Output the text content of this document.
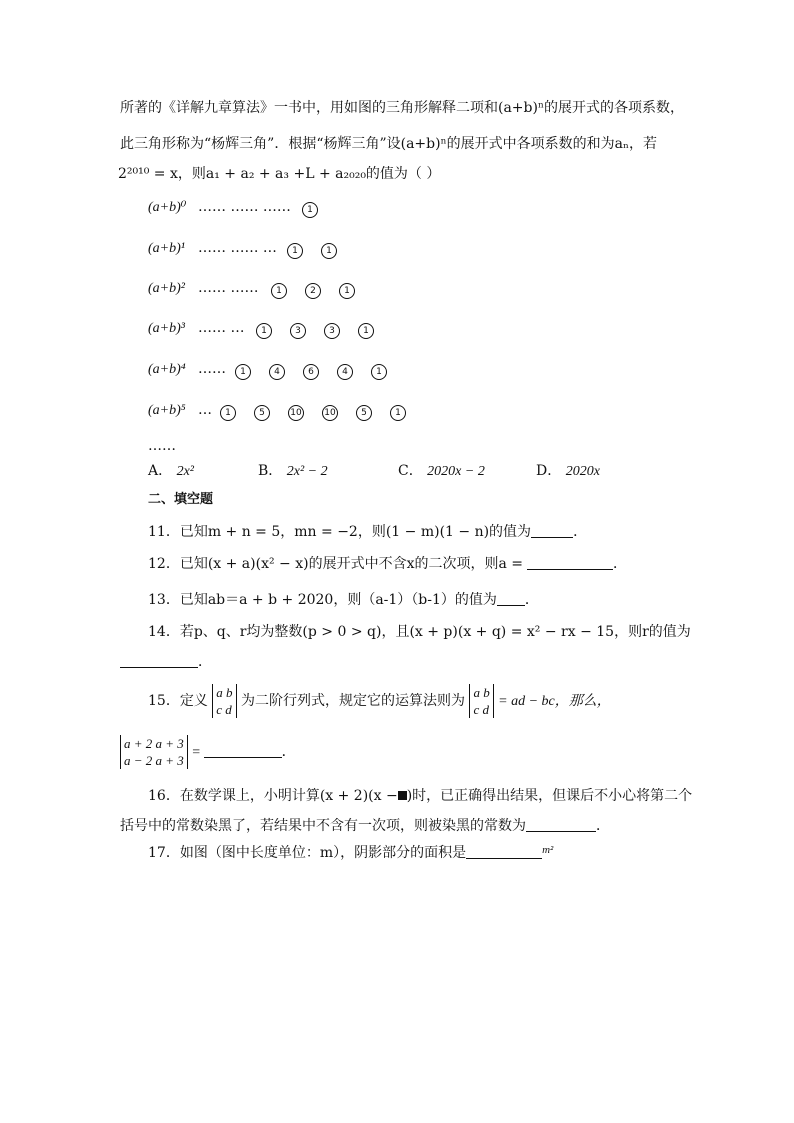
所著的《详解九章算法》一书中，用如图的三角形解释二项和(a+b)ⁿ的展开式的各项系数，
此三角形称为“杨辉三角”．根据“杨辉三角”设(a+b)ⁿ的展开式中各项系数的和为aₙ，若
2²⁰¹⁰ = x，则a₁ + a₂ + a₃ +L + a₂₀₂₀的值为（ ）
(a+b)⁰ …… …… ……	1
(a+b)¹ …… …… …	1	1
(a+b)² …… ……	1	2	1
(a+b)³ …… …	1	3	3	1
(a+b)⁴ ……	1	4	6	4	1
(a+b)⁵ …	1	5	10	10	5	1
……
A． 2x²	B． 2x² − 2	C． 2020x − 2	D． 2020x
二、填空题
11．已知m + n = 5，mn = −2，则(1 − m)(1 − n)的值为	．
12．已知(x + a)(x² − x)的展开式中不含x的二次项，则a =	．
13．已知ab＝a + b + 2020，则（a-1）（b-1）的值为 ．
14．若p、q、r均为整数(p > 0 > q)，且(x + p)(x + q) = x² − rx − 15，则r的值为
．
15．定义
a b
c d
为二阶行列式，规定它的运算法则为
a b
c d
= ad − bc，那么，
a + 2 a + 3
a − 2 a + 3
=	．
16．在数学课上，小明计算(x + 2)(x − )时，已正确得出结果，但课后不小心将第二个
括号中的常数染黑了，若结果中不含有一次项，则被染黑的常数为	．
17．如图（图中长度单位：m），阴影部分的面积是	$^{m^2}$
